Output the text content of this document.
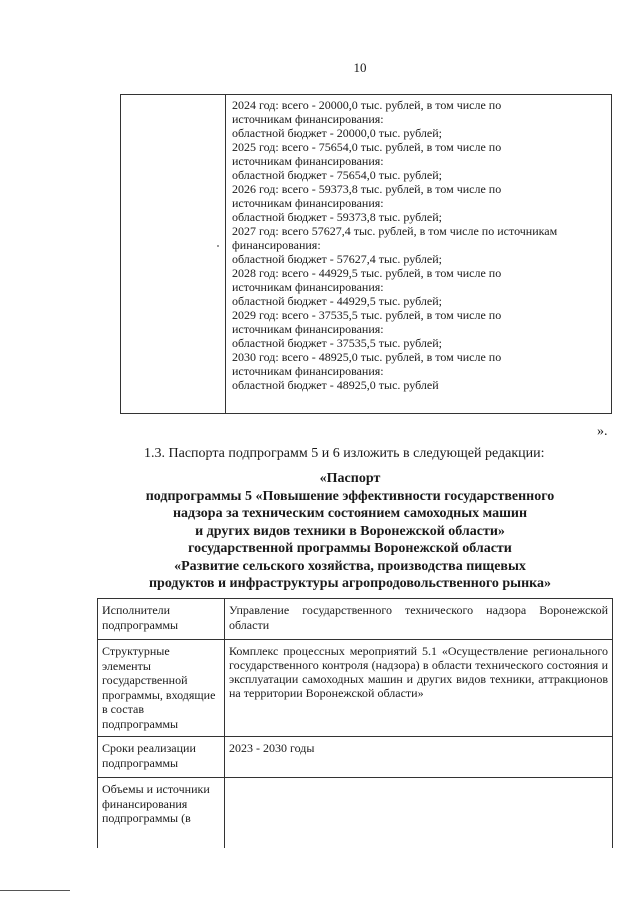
10
2024 год: всего - 20000,0 тыс. рублей, в том числе по
источникам финансирования:
областной бюджет - 20000,0 тыс. рублей;
2025 год: всего - 75654,0 тыс. рублей, в том числе по
источникам финансирования:
областной бюджет - 75654,0 тыс. рублей;
2026 год: всего - 59373,8 тыс. рублей, в том числе по
источникам финансирования:
областной бюджет - 59373,8 тыс. рублей;
2027 год: всего 57627,4 тыс. рублей, в том числе по источникам
финансирования:
областной бюджет - 57627,4 тыс. рублей;
2028 год: всего - 44929,5 тыс. рублей, в том числе по
источникам финансирования:
областной бюджет - 44929,5 тыс. рублей;
2029 год: всего - 37535,5 тыс. рублей, в том числе по
источникам финансирования:
областной бюджет - 37535,5 тыс. рублей;
2030 год: всего - 48925,0 тыс. рублей, в том числе по
источникам финансирования:
областной бюджет - 48925,0 тыс. рублей
».
1.3. Паспорта подпрограмм 5 и 6 изложить в следующей редакции:
«Паспорт
подпрограммы 5 «Повышение эффективности государственного
надзора за техническим состоянием самоходных машин
и других видов техники в Воронежской области»
государственной программы Воронежской области
«Развитие сельского хозяйства, производства пищевых
продуктов и инфраструктуры агропродовольственного рынка»
Исполнители подпрограммы
Управление государственного технического надзора Воронежской области
Структурные элементы государственной программы, входящие в состав подпрограммы
Комплекс процессных мероприятий 5.1 «Осуществление регионального государственного контроля (надзора) в области технического состояния и эксплуатации самоходных машин и других видов техники, аттракционов на территории Воронежской области»
Сроки реализации подпрограммы
2023 - 2030 годы
Объемы и источники финансирования подпрограммы (в
